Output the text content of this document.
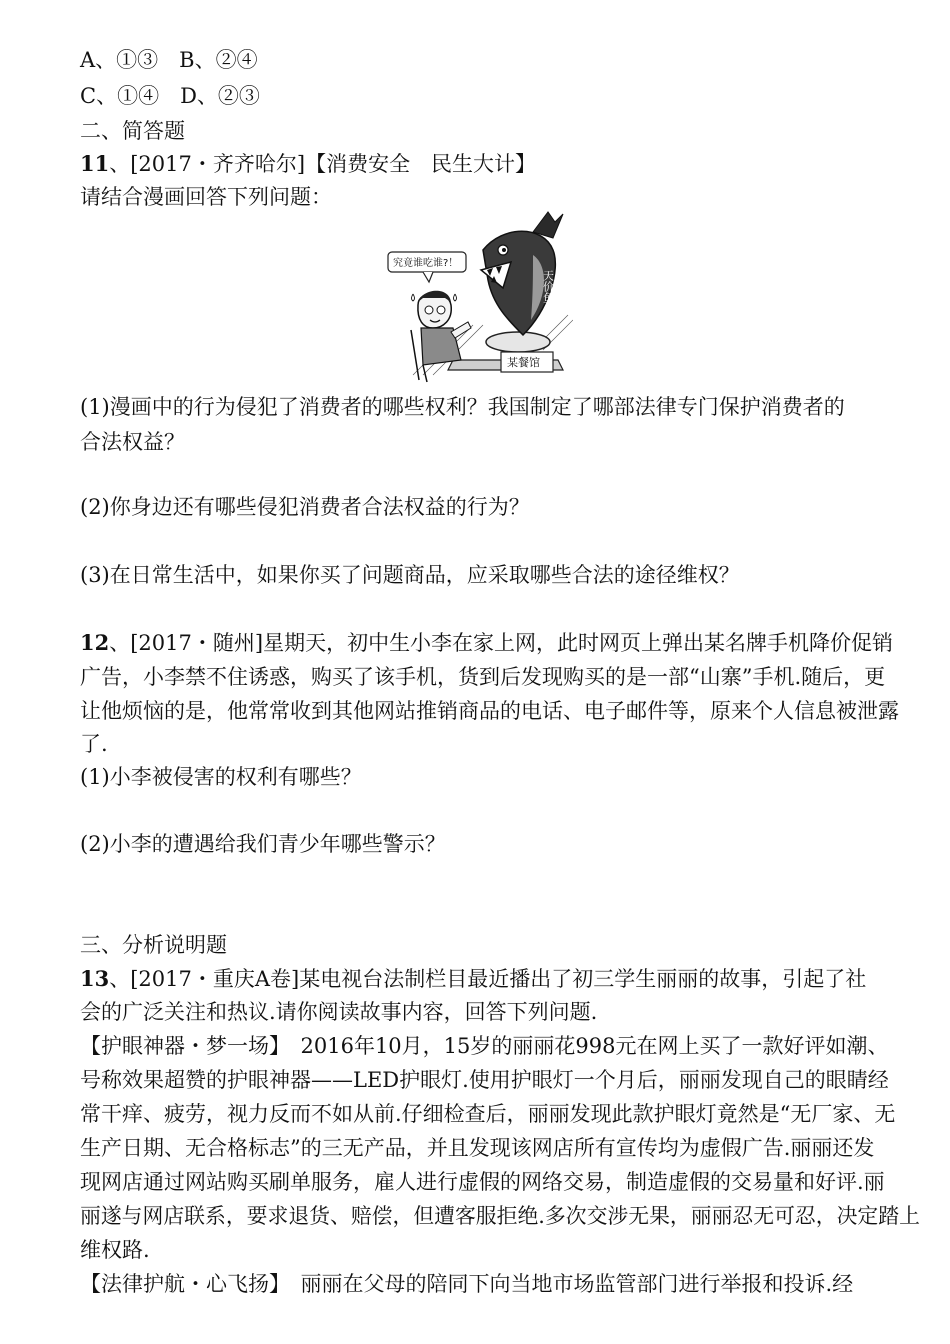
A、①③　B、②④
C、①④　D、②③
二、简答题
11、[2017・齐齐哈尔]【消费安全　民生大计】
请结合漫画回答下列问题：
天价鱼
究竟谁吃谁?！
某餐馆
(1)漫画中的行为侵犯了消费者的哪些权利？我国制定了哪部法律专门保护消费者的
合法权益？
(2)你身边还有哪些侵犯消费者合法权益的行为？
(3)在日常生活中，如果你买了问题商品，应采取哪些合法的途径维权？
12、[2017・随州]星期天，初中生小李在家上网，此时网页上弹出某名牌手机降价促销
广告，小李禁不住诱惑，购买了该手机，货到后发现购买的是一部“山寨”手机.随后，更
让他烦恼的是，他常常收到其他网站推销商品的电话、电子邮件等，原来个人信息被泄露
了.
(1)小李被侵害的权利有哪些？
(2)小李的遭遇给我们青少年哪些警示？
三、分析说明题
13、[2017・重庆A卷]某电视台法制栏目最近播出了初三学生丽丽的故事，引起了社
会的广泛关注和热议.请你阅读故事内容，回答下列问题.
【护眼神器・梦一场】　2016年10月，15岁的丽丽花998元在网上买了一款好评如潮、
号称效果超赞的护眼神器——LED护眼灯.使用护眼灯一个月后，丽丽发现自己的眼睛经
常干痒、疲劳，视力反而不如从前.仔细检查后，丽丽发现此款护眼灯竟然是“无厂家、无
生产日期、无合格标志”的三无产品，并且发现该网店所有宣传均为虚假广告.丽丽还发
现网店通过网站购买刷单服务，雇人进行虚假的网络交易，制造虚假的交易量和好评.丽
丽遂与网店联系，要求退货、赔偿，但遭客服拒绝.多次交涉无果，丽丽忍无可忍，决定踏上
维权路.
【法律护航・心飞扬】　丽丽在父母的陪同下向当地市场监管部门进行举报和投诉.经
